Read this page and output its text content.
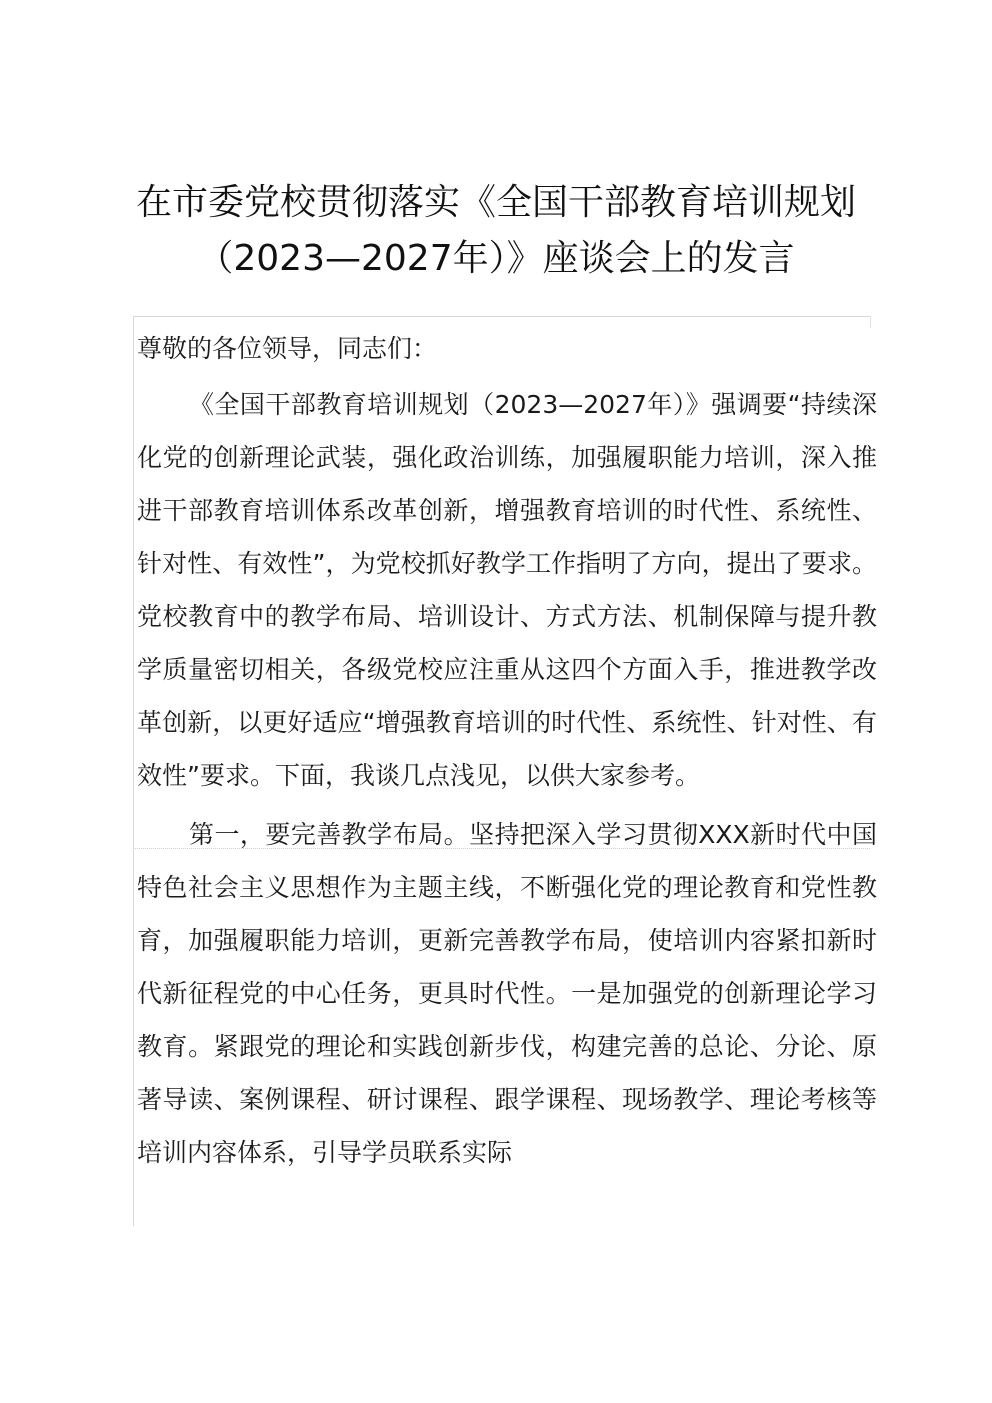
在市委党校贯彻落实《全国干部教育培训规划
（2023—2027年）》座谈会上的发言

尊敬的各位领导，同志们：

《全国干部教育培训规划（2023—2027年）》强调要“持续深化党的创新理论武装，强化政治训练，加强履职能力培训，深入推进干部教育培训体系改革创新，增强教育培训的时代性、系统性、针对性、有效性”，为党校抓好教学工作指明了方向，提出了要求。党校教育中的教学布局、培训设计、方式方法、机制保障与提升教学质量密切相关，各级党校应注重从这四个方面入手，推进教学改革创新，以更好适应“增强教育培训的时代性、系统性、针对性、有效性”要求。下面，我谈几点浅见，以供大家参考。

第一，要完善教学布局。坚持把深入学习贯彻XXX新时代中国特色社会主义思想作为主题主线，不断强化党的理论教育和党性教育，加强履职能力培训，更新完善教学布局，使培训内容紧扣新时代新征程党的中心任务，更具时代性。一是加强党的创新理论学习教育。紧跟党的理论和实践创新步伐，构建完善的总论、分论、原著导读、案例课程、研讨课程、跟学课程、现场教学、理论考核等培训内容体系，引导学员联系实际
